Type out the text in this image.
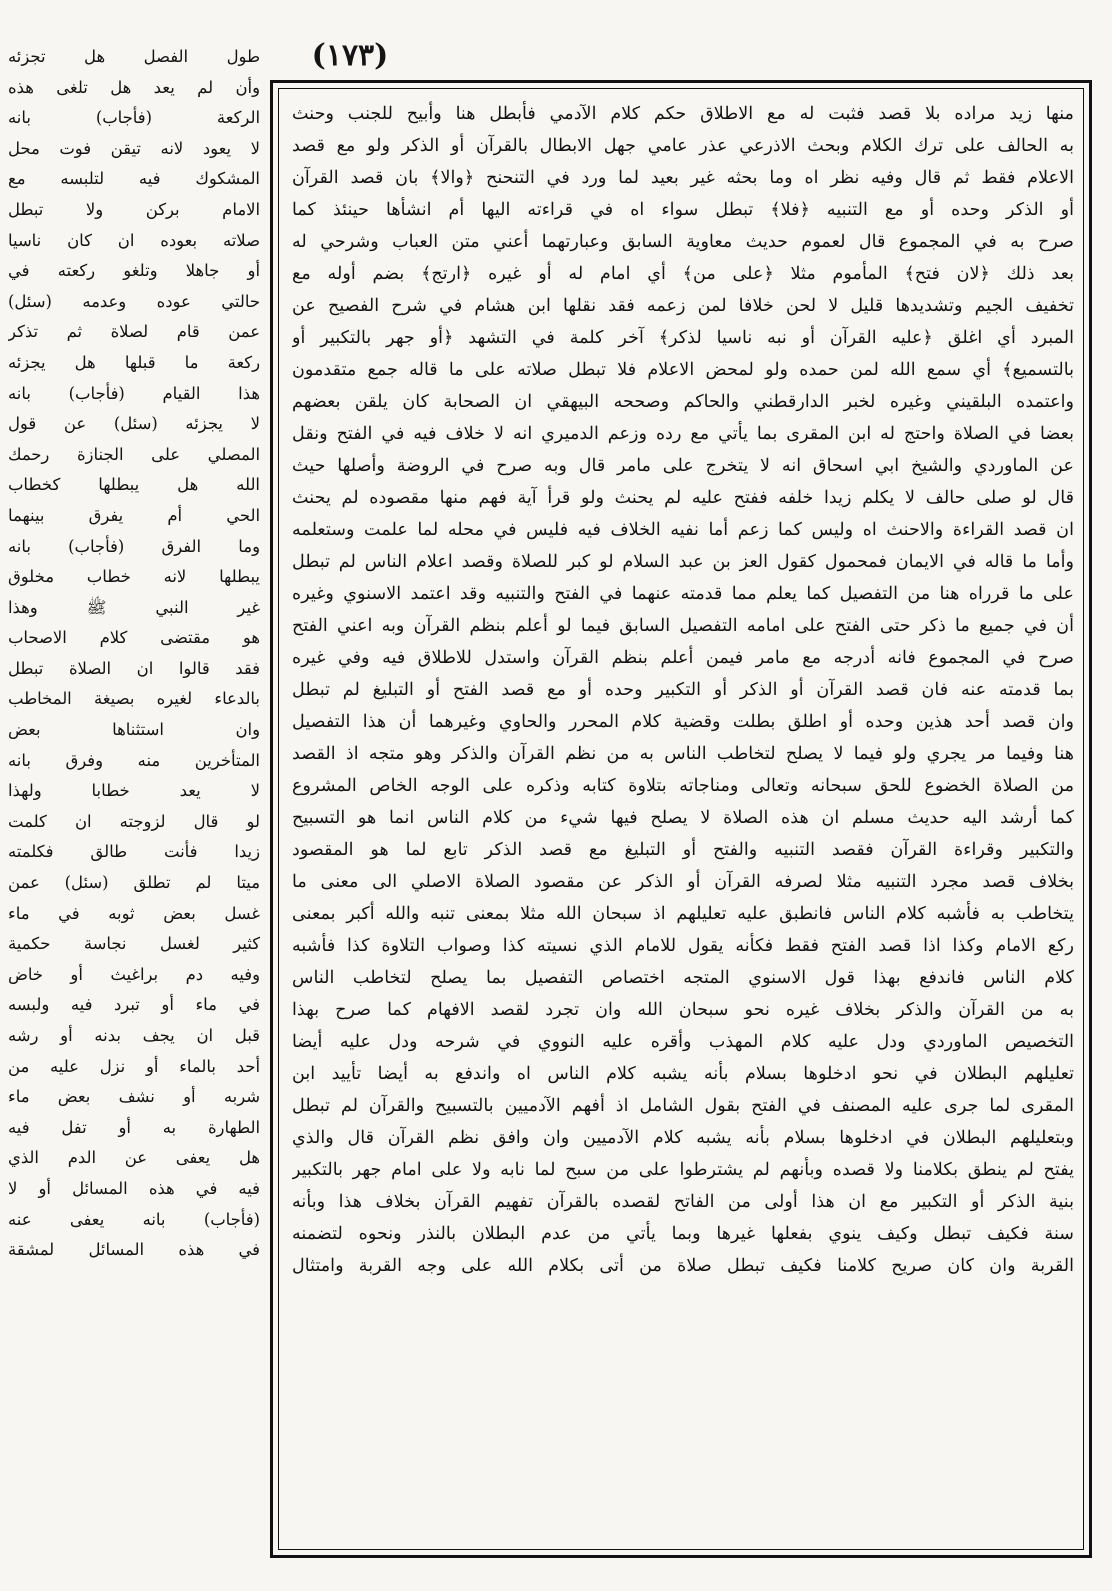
(١٧٣)
منها زيد مراده بلا قصد فثبت له مع الاطلاق حكم كلام الآدمي فأبطل هنا وأبيح للجنب وحنث
به الحالف على ترك الكلام وبحث الاذرعي عذر عامي جهل الابطال بالقرآن أو الذكر ولو مع قصد
الاعلام فقط ثم قال وفيه نظر اه وما بحثه غير بعيد لما ورد في التنحنح ﴿والا﴾ بان قصد القرآن
أو الذكر وحده أو مع التنبيه ﴿فلا﴾ تبطل سواء اه في قراءته اليها أم انشأها حينئذ كما
صرح به في المجموع قال لعموم حديث معاوية السابق وعبارتهما أعني متن العباب وشرحي له
بعد ذلك ﴿لان فتح﴾ المأموم مثلا ﴿على من﴾ أي امام له أو غيره ﴿ارتج﴾ بضم أوله مع
تخفيف الجيم وتشديدها قليل لا لحن خلافا لمن زعمه فقد نقلها ابن هشام في شرح الفصيح عن
المبرد أي اغلق ﴿عليه القرآن أو نبه ناسيا لذكر﴾ آخر كلمة في التشهد ﴿أو جهر بالتكبير أو
بالتسميع﴾ أي سمع الله لمن حمده ولو لمحض الاعلام فلا تبطل صلاته على ما قاله جمع متقدمون
واعتمده البلقيني وغيره لخبر الدارقطني والحاكم وصححه البيهقي ان الصحابة كان يلقن بعضهم
بعضا في الصلاة واحتج له ابن المقرى بما يأتي مع رده وزعم الدميري انه لا خلاف فيه في الفتح ونقل
عن الماوردي والشيخ ابي اسحاق انه لا يتخرج على مامر قال وبه صرح في الروضة وأصلها حيث
قال لو صلى حالف لا يكلم زيدا خلفه ففتح عليه لم يحنث ولو قرأ آية فهم منها مقصوده لم يحنث
ان قصد القراءة والاحنث اه وليس كما زعم أما نفيه الخلاف فيه فليس في محله لما علمت وستعلمه
وأما ما قاله في الايمان فمحمول كقول العز بن عبد السلام لو كبر للصلاة وقصد اعلام الناس لم تبطل
على ما قرراه هنا من التفصيل كما يعلم مما قدمته عنهما في الفتح والتنبيه وقد اعتمد الاسنوي وغيره
أن في جميع ما ذكر حتى الفتح على امامه التفصيل السابق فيما لو أعلم بنظم القرآن وبه اعني الفتح
صرح في المجموع فانه أدرجه مع مامر فيمن أعلم بنظم القرآن واستدل للاطلاق فيه وفي غيره
بما قدمته عنه فان قصد القرآن أو الذكر أو التكبير وحده أو مع قصد الفتح أو التبليغ لم تبطل
وان قصد أحد هذين وحده أو اطلق بطلت وقضية كلام المحرر والحاوي وغيرهما أن هذا التفصيل
هنا وفيما مر يجري ولو فيما لا يصلح لتخاطب الناس به من نظم القرآن والذكر وهو متجه اذ القصد
من الصلاة الخضوع للحق سبحانه وتعالى ومناجاته بتلاوة كتابه وذكره على الوجه الخاص المشروع
كما أرشد اليه حديث مسلم ان هذه الصلاة لا يصلح فيها شيء من كلام الناس انما هو التسبيح
والتكبير وقراءة القرآن فقصد التنبيه والفتح أو التبليغ مع قصد الذكر تابع لما هو المقصود
بخلاف قصد مجرد التنبيه مثلا لصرفه القرآن أو الذكر عن مقصود الصلاة الاصلي الى معنى ما
يتخاطب به فأشبه كلام الناس فانطبق عليه تعليلهم اذ سبحان الله مثلا بمعنى تنبه والله أكبر بمعنى
ركع الامام وكذا اذا قصد الفتح فقط فكأنه يقول للامام الذي نسيته كذا وصواب التلاوة كذا فأشبه
كلام الناس فاندفع بهذا قول الاسنوي المتجه اختصاص التفصيل بما يصلح لتخاطب الناس
به من القرآن والذكر بخلاف غيره نحو سبحان الله وان تجرد لقصد الافهام كما صرح بهذا
التخصيص الماوردي ودل عليه كلام المهذب وأقره عليه النووي في شرحه ودل عليه أيضا
تعليلهم البطلان في نحو ادخلوها بسلام بأنه يشبه كلام الناس اه واندفع به أيضا تأييد ابن
المقرى لما جرى عليه المصنف في الفتح بقول الشامل اذ أفهم الآدميين بالتسبيح والقرآن لم تبطل
وبتعليلهم البطلان في ادخلوها بسلام بأنه يشبه كلام الآدميين وان وافق نظم القرآن قال والذي
يفتح لم ينطق بكلامنا ولا قصده وبأنهم لم يشترطوا على من سبح لما نابه ولا على امام جهر بالتكبير
بنية الذكر أو التكبير مع ان هذا أولى من الفاتح لقصده بالقرآن تفهيم القرآن بخلاف هذا وبأنه
سنة فكيف تبطل وكيف ينوي بفعلها غيرها وبما يأتي من عدم البطلان بالنذر ونحوه لتضمنه
القربة وان كان صريح كلامنا فكيف تبطل صلاة من أتى بكلام الله على وجه القربة وامتثال
طول الفصل هل تجزئه
وأن لم يعد هل تلغى هذه
الركعة (فأجاب) بانه
لا يعود لانه تيقن فوت محل
المشكوك فيه لتلبسه مع
الامام بركن ولا تبطل
صلاته بعوده ان كان ناسيا
أو جاهلا وتلغو ركعته في
حالتي عوده وعدمه (سئل)
عمن قام لصلاة ثم تذكر
ركعة ما قبلها هل يجزئه
هذا القيام (فأجاب) بانه
لا يجزئه (سئل) عن قول
المصلي على الجنازة رحمك
الله هل يبطلها كخطاب
الحي أم يفرق بينهما
وما الفرق (فأجاب) بانه
يبطلها لانه خطاب مخلوق
غير النبي ﷺ وهذا
هو مقتضى كلام الاصحاب
فقد قالوا ان الصلاة تبطل
بالدعاء لغيره بصيغة المخاطب
وان استثناها بعض
المتأخرين منه وفرق بانه
لا يعد خطابا ولهذا
لو قال لزوجته ان كلمت
زيدا فأنت طالق فكلمته
ميتا لم تطلق (سئل) عمن
غسل بعض ثوبه في ماء
كثير لغسل نجاسة حكمية
وفيه دم براغيث أو خاض
في ماء أو تبرد فيه ولبسه
قبل ان يجف بدنه أو رشه
أحد بالماء أو نزل عليه من
شربه أو نشف بعض ماء
الطهارة به أو تفل فيه
هل يعفى عن الدم الذي
فيه في هذه المسائل أو لا
(فأجاب) بانه يعفى عنه
في هذه المسائل لمشقة
